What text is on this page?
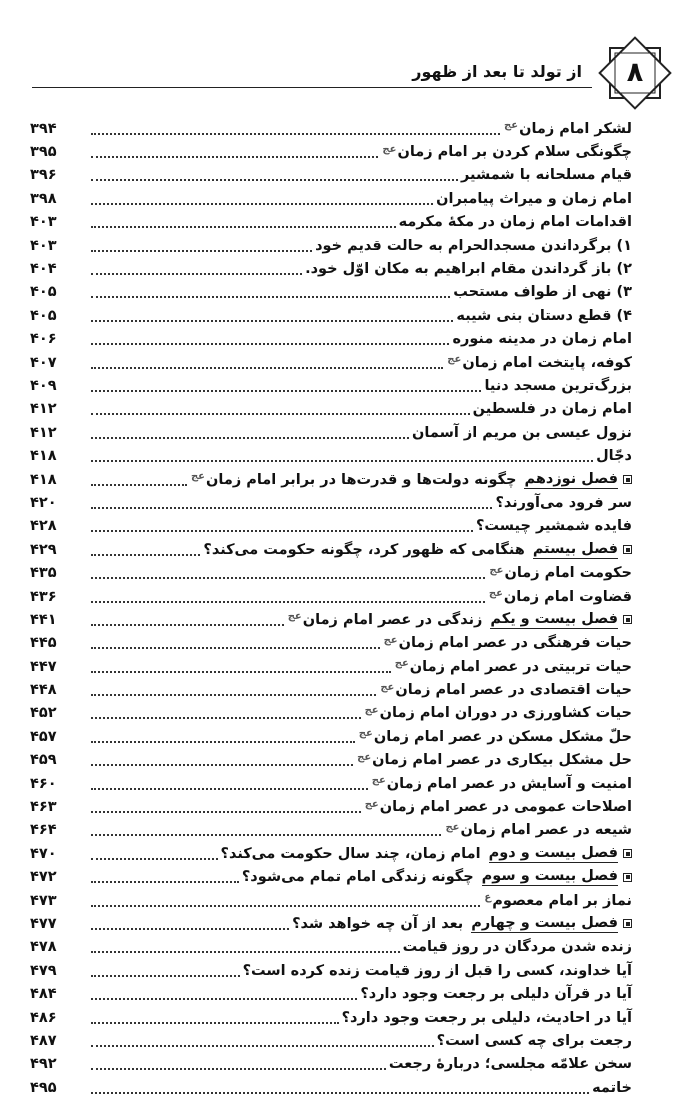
از تولد تا بعد از ظهور	۸
لشکر امام زمان
عج
۳۹۴
چگونگی سلام کردن بر امام زمان
عج
۳۹۵
قیام مسلحانه با شمشیر
۳۹۶
امام زمان و میراث پیامبران
۳۹۸
اقدامات امام زمان در مکهٔ مکرمه
۴۰۳
۱) برگرداندن مسجدالحرام به حالت قدیم خود
۴۰۳
۲) باز گرداندن مقام ابراهیم به مکان اوّل خود.
۴۰۴
۳) نهی از طواف مستحب
۴۰۵
۴) قطع دستان بنی شیبه
۴۰۵
امام زمان در مدینه منوره
۴۰۶
کوفه، پایتخت امام زمان
عج
۴۰۷
بزرگ‌ترین مسجد دنیا
۴۰۹
امام زمان در فلسطین
۴۱۲
نزول عیسی بن مریم از آسمان
۴۱۲
دجّال
۴۱۸
فصل نوزدهم
چگونه دولت‌ها و قدرت‌ها در برابر امام زمان
عج
۴۱۸
سر فرود می‌آورند؟
۴۲۰
فایده شمشیر چیست؟
۴۲۸
فصل بیستم
هنگامی که ظهور کرد، چگونه حکومت می‌کند؟
۴۲۹
حکومت امام زمان
عج
۴۳۵
قضاوت امام زمان
عج
۴۳۶
فصل بیست و یکم
زندگی در عصر امام زمان
عج
۴۴۱
حیات فرهنگی در عصر امام زمان
عج
۴۴۵
حیات تربیتی در عصر امام زمان
عج
۴۴۷
حیات اقتصادی در عصر امام زمان
عج
۴۴۸
حیات کشاورزی در دوران امام زمان
عج
۴۵۲
حلّ مشکل مسکن در عصر امام زمان
عج
۴۵۷
حل مشکل بیکاری در عصر امام زمان
عج
۴۵۹
امنیت و آسایش در عصر امام زمان
عج
۴۶۰
اصلاحات عمومی در عصر امام زمان
عج
۴۶۳
شیعه در عصر امام زمان
عج
۴۶۴
فصل بیست و دوم
امام زمان، چند سال حکومت می‌کند؟
۴۷۰
فصل بیست و سوم
چگونه زندگی امام تمام می‌شود؟
۴۷۲
نماز بر امام معصوم
ع
۴۷۳
فصل بیست و چهارم
بعد از آن چه خواهد شد؟
۴۷۷
زنده شدن مردگان در روز قیامت
۴۷۸
آیا خداوند، کسی را قبل از روز قیامت زنده کرده است؟
۴۷۹
آیا در قرآن دلیلی بر رجعت وجود دارد؟
۴۸۴
آیا در احادیث، دلیلی بر رجعت وجود دارد؟
۴۸۶
رجعت برای چه کسی است؟
۴۸۷
سخن علامّه مجلسی؛ دربارهٔ رجعت
۴۹۲
خاتمه
۴۹۵
